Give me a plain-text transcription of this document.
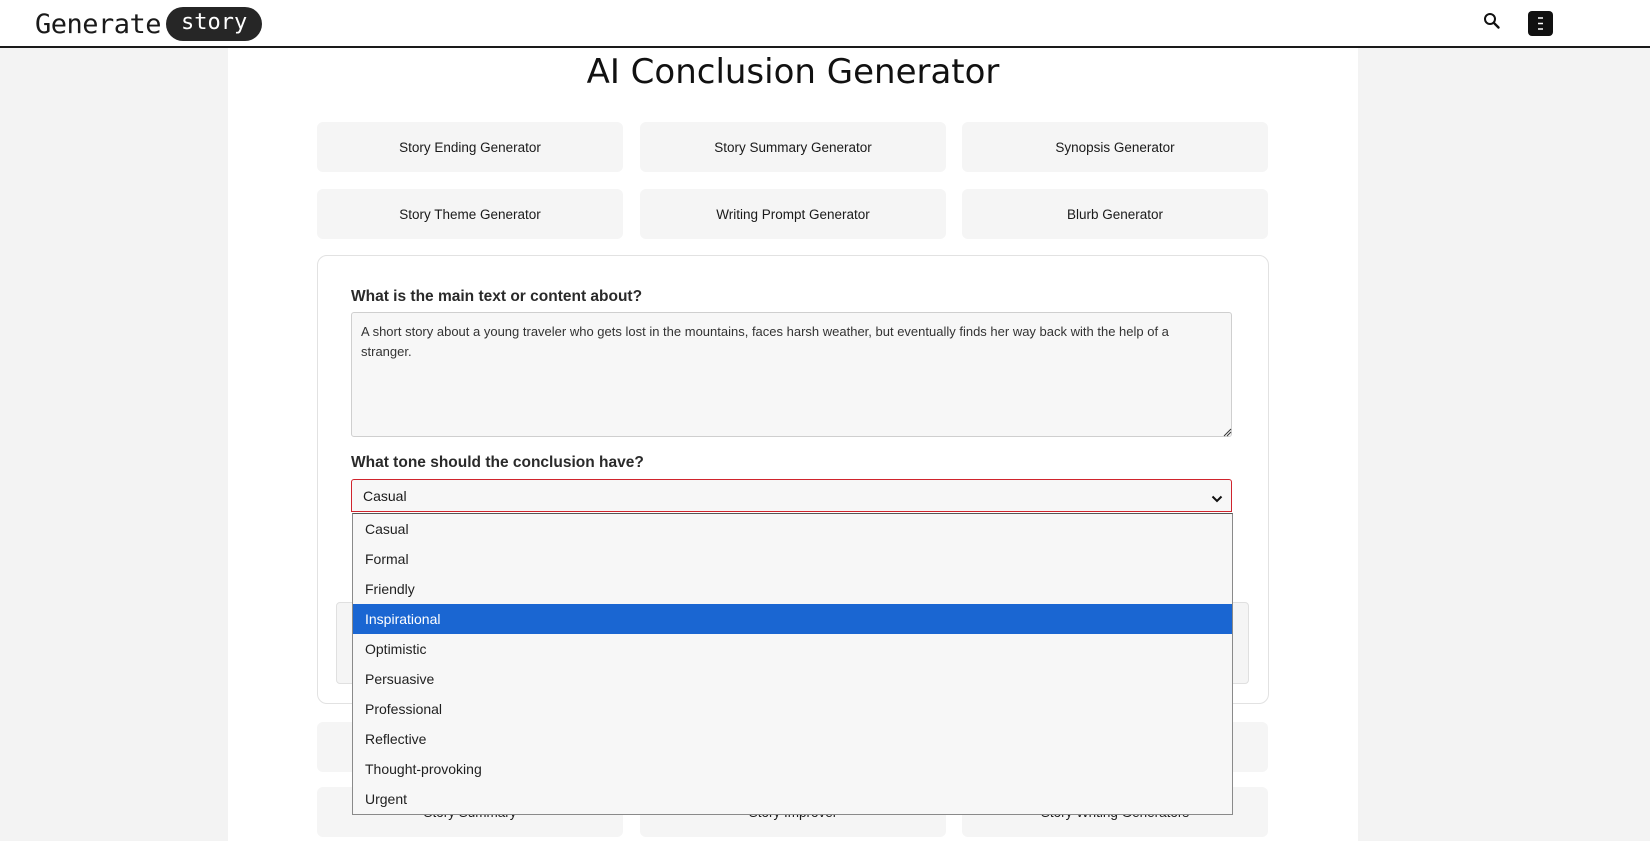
Generate story
AI Conclusion Generator
Story Ending Generator	Story Summary Generator	Synopsis Generator
Story Theme Generator	Writing Prompt Generator	Blurb Generator
What is the main text or content about?
A short story about a young traveler who gets lost in the mountains, faces harsh weather, but eventually finds her way back with the help of a stranger.
What tone should the conclusion have?
Casual
Casual
Formal
Friendly
Inspirational
Optimistic
Persuasive
Professional
Reflective
Thought-provoking
Urgent
